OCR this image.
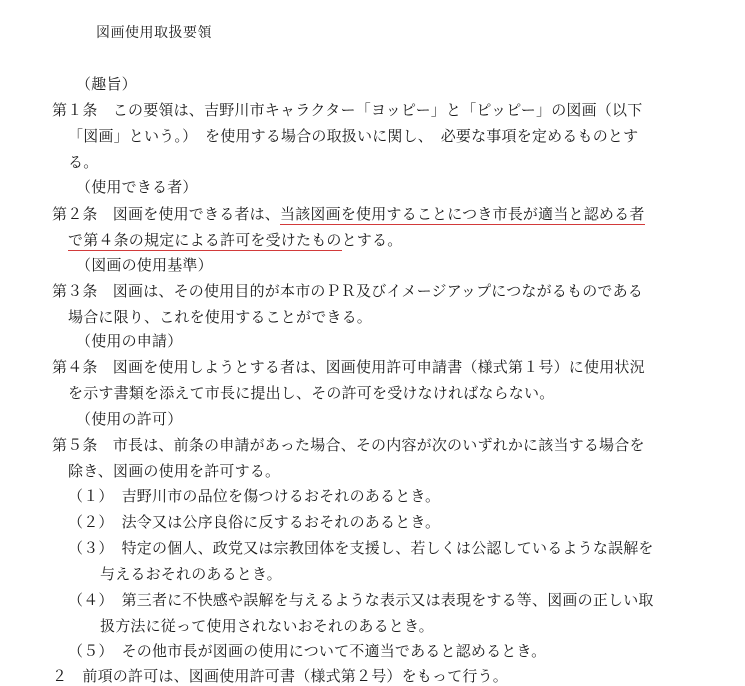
図画使用取扱要領
（趣旨）
第１条　この要領は、吉野川市キャラクター「ヨッピー」と「ピッピー」の図画（以下
「図画」という。）　を使用する場合の取扱いに関し、　必要な事項を定めるものとす
る。
（使用できる者）
第２条　図画を使用できる者は、当該図画を使用することにつき市長が適当と認める者
で第４条の規定による許可を受けたものとする。
（図画の使用基準）
第３条　図画は、その使用目的が本市のＰＲ及びイメージアップにつながるものである
場合に限り、これを使用することができる。
（使用の申請）
第４条　図画を使用しようとする者は、図画使用許可申請書（様式第１号）に使用状況
を示す書類を添えて市長に提出し、その許可を受けなければならない。
（使用の許可）
第５条　市長は、前条の申請があった場合、その内容が次のいずれかに該当する場合を
除き、図画の使用を許可する。
（１） 吉野川市の品位を傷つけるおそれのあるとき。
（２） 法令又は公序良俗に反するおそれのあるとき。
（３） 特定の個人、政党又は宗教団体を支援し、若しくは公認しているような誤解を
与えるおそれのあるとき。
（４） 第三者に不快感や誤解を与えるような表示又は表現をする等、図画の正しい取
扱方法に従って使用されないおそれのあるとき。
（５） その他市長が図画の使用について不適当であると認めるとき。
２　前項の許可は、図画使用許可書（様式第２号）をもって行う。
